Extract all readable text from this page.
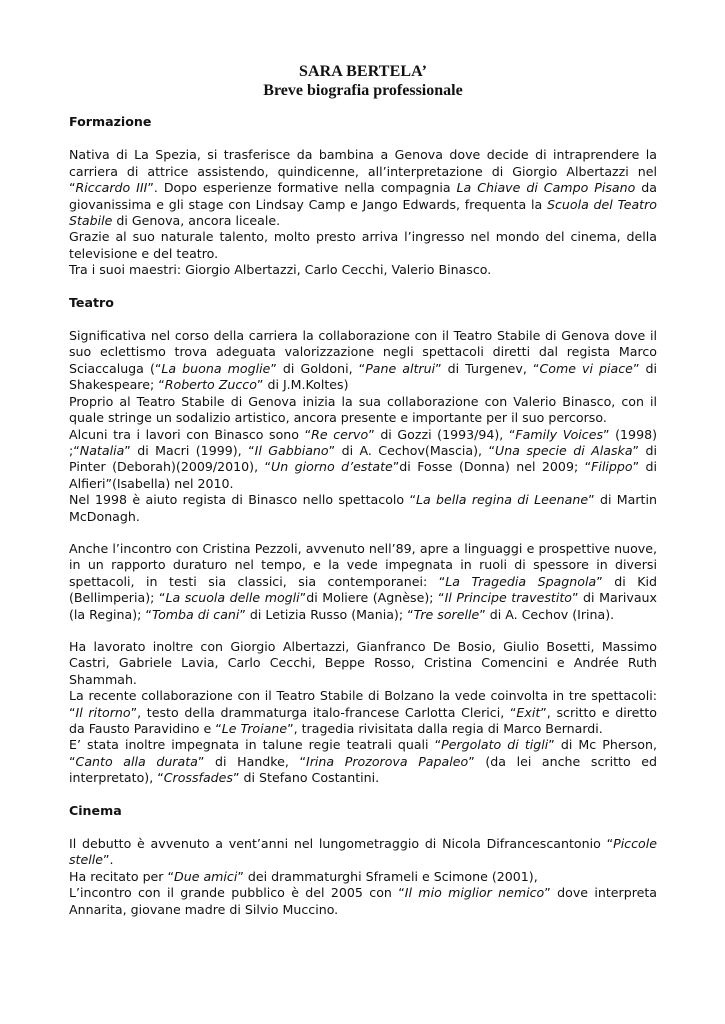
SARA BERTELA’
Breve biografia professionale
Formazione

Nativa di La Spezia, si trasferisce da bambina a Genova dove decide di intraprendere la carriera di attrice assistendo, quindicenne, all’interpretazione di Giorgio Albertazzi nel “Riccardo III”. Dopo esperienze formative nella compagnia La Chiave di Campo Pisano da giovanissima e gli stage con Lindsay Camp e Jango Edwards, frequenta la Scuola del Teatro Stabile di Genova, ancora liceale.

Grazie al suo naturale talento, molto presto arriva l’ingresso nel mondo del cinema, della televisione e del teatro.

Tra i suoi maestri: Giorgio Albertazzi, Carlo Cecchi, Valerio Binasco.

Teatro

Significativa nel corso della carriera la collaborazione con il Teatro Stabile di Genova dove il suo eclettismo trova adeguata valorizzazione negli spettacoli diretti dal regista Marco Sciaccaluga (“La buona moglie” di Goldoni, “Pane altrui” di Turgenev, “Come vi piace” di Shakespeare; “Roberto Zucco” di J.M.Koltes)

Proprio al Teatro Stabile di Genova inizia la sua collaborazione con Valerio Binasco, con il quale stringe un sodalizio artistico, ancora presente e importante per il suo percorso.

Alcuni tra i lavori con Binasco sono “Re cervo” di Gozzi (1993/94), “Family Voices” (1998) ;“Natalia” di Macri (1999), “Il Gabbiano” di A. Cechov(Mascia), “Una specie di Alaska” di Pinter (Deborah)(2009/2010), “Un giorno d’estate”di Fosse (Donna) nel 2009; “Filippo” di Alfieri”(Isabella) nel 2010.

Nel 1998 è aiuto regista di Binasco nello spettacolo “La bella regina di Leenane” di Martin McDonagh.

Anche l’incontro con Cristina Pezzoli, avvenuto nell’89, apre a linguaggi e prospettive nuove, in un rapporto duraturo nel tempo, e la vede impegnata in ruoli di spessore in diversi spettacoli, in testi sia classici, sia contemporanei: “La Tragedia Spagnola” di Kid (Bellimperia); “La scuola delle mogli”di Moliere (Agnèse); “Il Principe travestito” di Marivaux (la Regina); “Tomba di cani” di Letizia Russo (Mania); “Tre sorelle” di A. Cechov (Irina).

Ha lavorato inoltre con Giorgio Albertazzi, Gianfranco De Bosio, Giulio Bosetti, Massimo Castri, Gabriele Lavia, Carlo Cecchi, Beppe Rosso, Cristina Comencini e Andrée Ruth Shammah.

La recente collaborazione con il Teatro Stabile di Bolzano la vede coinvolta in tre spettacoli: “Il ritorno”, testo della drammaturga italo-francese Carlotta Clerici, “Exit”, scritto e diretto da Fausto Paravidino e “Le Troiane”, tragedia rivisitata dalla regia di Marco Bernardi.

E’ stata inoltre impegnata in talune regie teatrali quali “Pergolato di tigli” di Mc Pherson, “Canto alla durata” di Handke, “Irina Prozorova Papaleo” (da lei anche scritto ed interpretato), “Crossfades” di Stefano Costantini.

Cinema

Il debutto è avvenuto a vent’anni nel lungometraggio di Nicola Difrancescantonio “Piccole stelle”.

Ha recitato per “Due amici” dei drammaturghi Sframeli e Scimone (2001),

L’incontro con il grande pubblico è del 2005 con “Il mio miglior nemico” dove interpreta Annarita, giovane madre di Silvio Muccino.
